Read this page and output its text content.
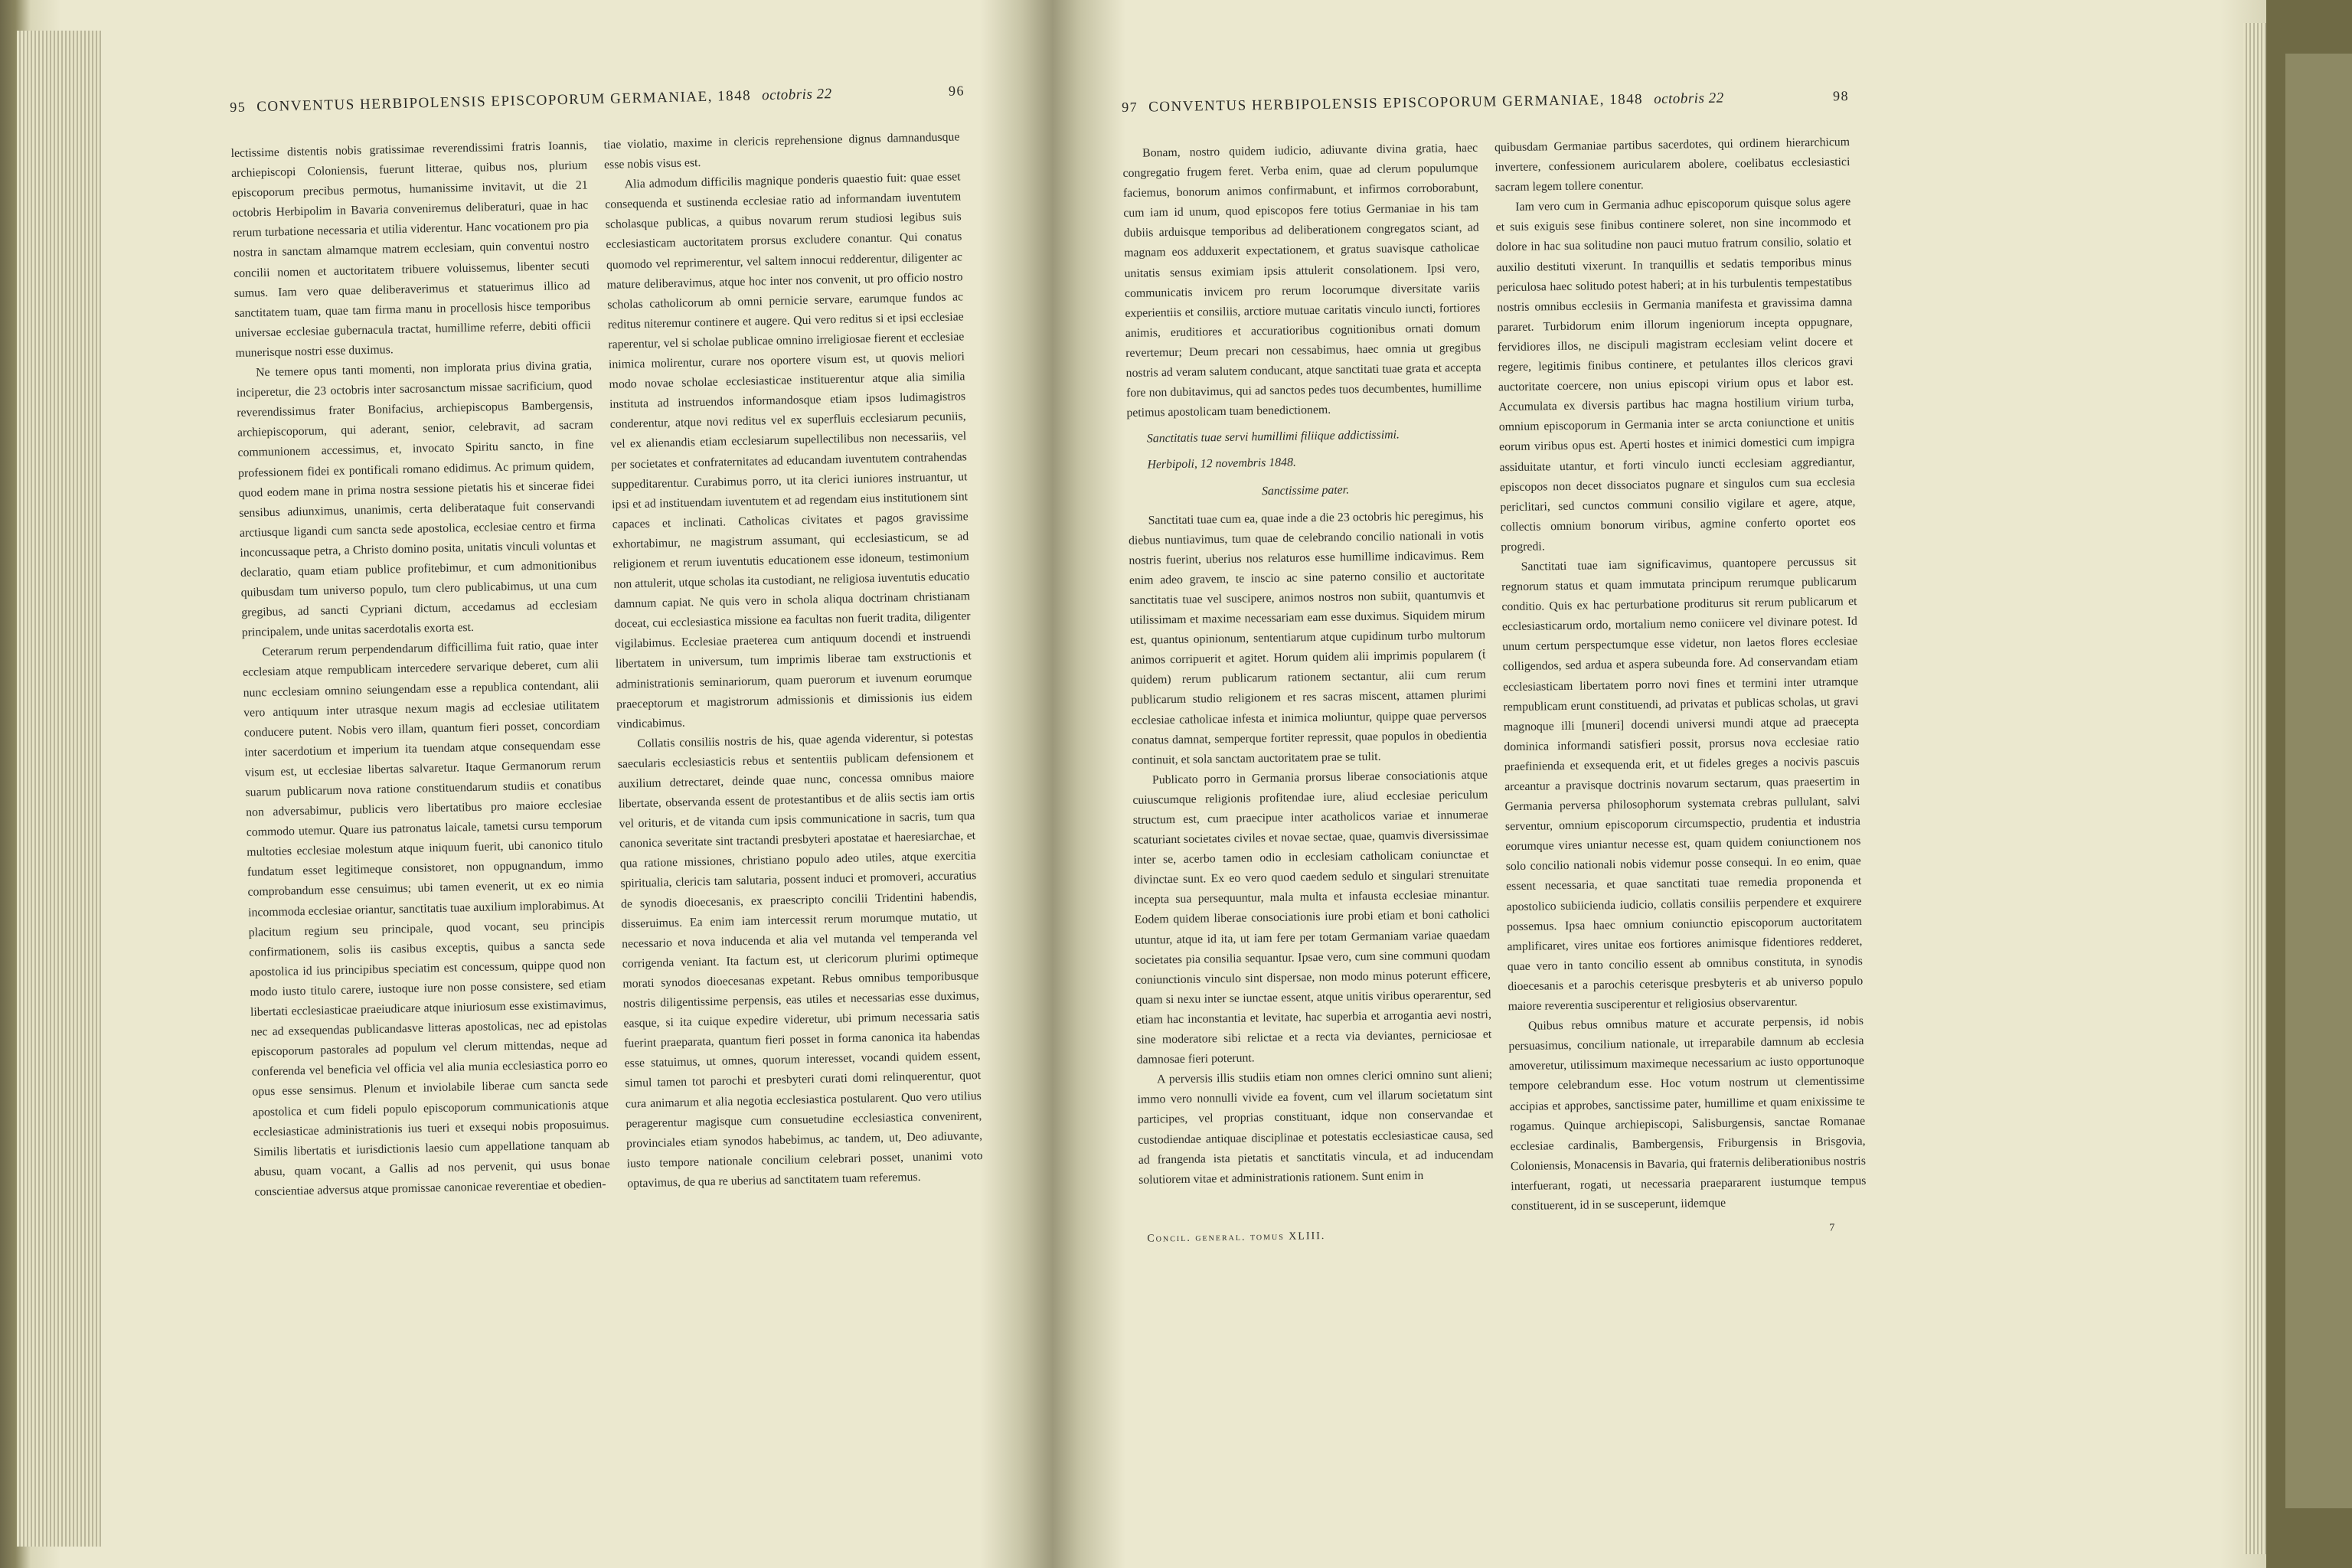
95 CONVENTUS HERBIPOLENSIS EPISCOPORUM GERMANIAE, 1848 octobris 22	96

lectissime distentis nobis gratissimae reverendissimi fratris Ioannis, archiepiscopi Coloniensis, fuerunt litterae, quibus nos, plurium episcoporum precibus permotus, humanissime invitavit, ut die 21 octobris Herbipolim in Bavaria conveniremus deliberaturi, quae in hac rerum turbatione necessaria et utilia viderentur. Hanc vocationem pro pia nostra in sanctam almamque matrem ecclesiam, quin conventui nostro concilii nomen et auctoritatem tribuere voluissemus, libenter secuti sumus. Iam vero quae deliberaverimus et statuerimus illico ad sanctitatem tuam, quae tam firma manu in procellosis hisce temporibus universae ecclesiae gubernacula tractat, humillime referre, debiti officii munerisque nostri esse duximus.

Ne temere opus tanti momenti, non implorata prius divina gratia, inciperetur, die 23 octobris inter sacrosanctum missae sacrificium, quod reverendissimus frater Bonifacius, archiepiscopus Bambergensis, archiepiscoporum, qui aderant, senior, celebravit, ad sacram communionem accessimus, et, invocato Spiritu sancto, in fine professionem fidei ex pontificali romano edidimus. Ac primum quidem, quod eodem mane in prima nostra sessione pietatis his et sincerae fidei sensibus adiunximus, unanimis, certa deliberataque fuit conservandi arctiusque ligandi cum sancta sede apostolica, ecclesiae centro et firma inconcussaque petra, a Christo domino posita, unitatis vinculi voluntas et declaratio, quam etiam publice profitebimur, et cum admonitionibus quibusdam tum universo populo, tum clero publicabimus, ut una cum gregibus, ad sancti Cypriani dictum, accedamus ad ecclesiam principalem, unde unitas sacerdotalis exorta est.

Ceterarum rerum perpendendarum difficillima fuit ratio, quae inter ecclesiam atque rempublicam intercedere servarique deberet, cum alii nunc ecclesiam omnino seiungendam esse a republica contendant, alii vero antiquum inter utrasque nexum magis ad ecclesiae utilitatem conducere putent. Nobis vero illam, quantum fieri posset, concordiam inter sacerdotium et imperium ita tuendam atque consequendam esse visum est, ut ecclesiae libertas salvaretur. Itaque Germanorum rerum suarum publicarum nova ratione constituendarum studiis et conatibus non adversabimur, publicis vero libertatibus pro maiore ecclesiae commodo utemur. Quare ius patronatus laicale, tametsi cursu temporum multoties ecclesiae molestum atque iniquum fuerit, ubi canonico titulo fundatum esset legitimeque consistoret, non oppugnandum, immo comprobandum esse censuimus; ubi tamen evenerit, ut ex eo nimia incommoda ecclesiae oriantur, sanctitatis tuae auxilium implorabimus. At placitum regium seu principale, quod vocant, seu principis confirmationem, solis iis casibus exceptis, quibus a sancta sede apostolica id ius principibus speciatim est concessum, quippe quod non modo iusto titulo carere, iustoque iure non posse consistere, sed etiam libertati ecclesiasticae praeiudicare atque iniuriosum esse existimavimus, nec ad exsequendas publicandasve litteras apostolicas, nec ad epistolas episcoporum pastorales ad populum vel clerum mittendas, neque ad conferenda vel beneficia vel officia vel alia munia ecclesiastica porro eo opus esse sensimus. Plenum et inviolabile liberae cum sancta sede apostolica et cum fideli populo episcoporum communicationis atque ecclesiasticae administrationis ius tueri et exsequi nobis proposuimus. Similis libertatis et iurisdictionis laesio cum appellatione tanquam ab abusu, quam vocant, a Gallis ad nos pervenit, qui usus bonae conscientiae adversus atque promissae canonicae reverentiae et obedien-

tiae violatio, maxime in clericis reprehensione dignus damnandusque esse nobis visus est.

Alia admodum difficilis magnique ponderis quaestio fuit: quae esset consequenda et sustinenda ecclesiae ratio ad informandam iuventutem scholasque publicas, a quibus novarum rerum studiosi legibus suis ecclesiasticam auctoritatem prorsus excludere conantur. Qui conatus quomodo vel reprimerentur, vel saltem innocui redderentur, diligenter ac mature deliberavimus, atque hoc inter nos convenit, ut pro officio nostro scholas catholicorum ab omni pernicie servare, earumque fundos ac reditus niteremur continere et augere. Qui vero reditus si et ipsi ecclesiae raperentur, vel si scholae publicae omnino irreligiosae fierent et ecclesiae inimica molirentur, curare nos oportere visum est, ut quovis meliori modo novae scholae ecclesiasticae instituerentur atque alia similia instituta ad instruendos informandosque etiam ipsos ludimagistros conderentur, atque novi reditus vel ex superfluis ecclesiarum pecuniis, vel ex alienandis etiam ecclesiarum supellectilibus non necessariis, vel per societates et confraternitates ad educandam iuventutem contrahendas suppeditarentur. Curabimus porro, ut ita clerici iuniores instruantur, ut ipsi et ad instituendam iuventutem et ad regendam eius institutionem sint capaces et inclinati. Catholicas civitates et pagos gravissime exhortabimur, ne magistrum assumant, qui ecclesiasticum, se ad religionem et rerum iuventutis educationem esse idoneum, testimonium non attulerit, utque scholas ita custodiant, ne religiosa iuventutis educatio damnum capiat. Ne quis vero in schola aliqua doctrinam christianam doceat, cui ecclesiastica missione ea facultas non fuerit tradita, diligenter vigilabimus. Ecclesiae praeterea cum antiquum docendi et instruendi libertatem in universum, tum imprimis liberae tam exstructionis et administrationis seminariorum, quam puerorum et iuvenum eorumque praeceptorum et magistrorum admissionis et dimissionis ius eidem vindicabimus.

Collatis consiliis nostris de his, quae agenda viderentur, si potestas saecularis ecclesiasticis rebus et sententiis publicam defensionem et auxilium detrectaret, deinde quae nunc, concessa omnibus maiore libertate, observanda essent de protestantibus et de aliis sectis iam ortis vel orituris, et de vitanda cum ipsis communicatione in sacris, tum qua canonica severitate sint tractandi presbyteri apostatae et haeresiarchae, et qua ratione missiones, christiano populo adeo utiles, atque exercitia spiritualia, clericis tam salutaria, possent induci et promoveri, accuratius de synodis dioecesanis, ex praescripto concilii Tridentini habendis, disseruimus. Ea enim iam intercessit rerum morumque mutatio, ut necessario et nova inducenda et alia vel mutanda vel temperanda vel corrigenda veniant. Ita factum est, ut clericorum plurimi optimeque morati synodos dioecesanas expetant. Rebus omnibus temporibusque nostris diligentissime perpensis, eas utiles et necessarias esse duximus, easque, si ita cuique expedire videretur, ubi primum necessaria satis fuerint praeparata, quantum fieri posset in forma canonica ita habendas esse statuimus, ut omnes, quorum interesset, vocandi quidem essent, simul tamen tot parochi et presbyteri curati domi relinquerentur, quot cura animarum et alia negotia ecclesiastica postularent. Quo vero utilius peragerentur magisque cum consuetudine ecclesiastica convenirent, provinciales etiam synodos habebimus, ac tandem, ut, Deo adiuvante, iusto tempore nationale concilium celebrari posset, unanimi voto optavimus, de qua re uberius ad sanctitatem tuam referemus.

97 CONVENTUS HERBIPOLENSIS EPISCOPORUM GERMANIAE, 1848 octobris 22	98

Bonam, nostro quidem iudicio, adiuvante divina gratia, haec congregatio frugem feret. Verba enim, quae ad clerum populumque faciemus, bonorum animos confirmabunt, et infirmos corroborabunt, cum iam id unum, quod episcopos fere totius Germaniae in his tam dubiis arduisque temporibus ad deliberationem congregatos sciant, ad magnam eos adduxerit expectationem, et gratus suavisque catholicae unitatis sensus eximiam ipsis attulerit consolationem. Ipsi vero, communicatis invicem pro rerum locorumque diversitate variis experientiis et consiliis, arctiore mutuae caritatis vinculo iuncti, fortiores animis, eruditiores et accuratioribus cognitionibus ornati domum revertemur; Deum precari non cessabimus, haec omnia ut gregibus nostris ad veram salutem conducant, atque sanctitati tuae grata et accepta fore non dubitavimus, qui ad sanctos pedes tuos decumbentes, humillime petimus apostolicam tuam benedictionem.

Sanctitatis tuae servi humillimi filiique addictissimi.

Herbipoli, 12 novembris 1848.

Sanctissime pater.

Sanctitati tuae cum ea, quae inde a die 23 octobris hic peregimus, his diebus nuntiavimus, tum quae de celebrando concilio nationali in votis nostris fuerint, uberius nos relaturos esse humillime indicavimus. Rem enim adeo gravem, te inscio ac sine paterno consilio et auctoritate sanctitatis tuae vel suscipere, animos nostros non subiit, quantumvis et utilissimam et maxime necessariam eam esse duximus. Siquidem mirum est, quantus opinionum, sententiarum atque cupidinum turbo multorum animos corripuerit et agitet. Horum quidem alii imprimis popularem (ṫ quidem) rerum publicarum rationem sectantur, alii cum rerum publicarum studio religionem et res sacras miscent, attamen plurimi ecclesiae catholicae infesta et inimica moliuntur, quippe quae perversos conatus damnat, semperque fortiter repressit, quae populos in obedientia continuit, et sola sanctam auctoritatem prae se tulit.

Publicato porro in Germania prorsus liberae consociationis atque cuiuscumque religionis profitendae iure, aliud ecclesiae periculum structum est, cum praecipue inter acatholicos variae et innumerae scaturiant societates civiles et novae sectae, quae, quamvis diversissimae inter se, acerbo tamen odio in ecclesiam catholicam coniunctae et divinctae sunt. Ex eo vero quod caedem sedulo et singulari strenuitate incepta sua persequuntur, mala multa et infausta ecclesiae minantur. Eodem quidem liberae consociationis iure probi etiam et boni catholici utuntur, atque id ita, ut iam fere per totam Germaniam variae quaedam societates pia consilia sequantur. Ipsae vero, cum sine communi quodam coniunctionis vinculo sint dispersae, non modo minus poterunt efficere, quam si nexu inter se iunctae essent, atque unitis viribus operarentur, sed etiam hac inconstantia et levitate, hac superbia et arrogantia aevi nostri, sine moderatore sibi relictae et a recta via deviantes, perniciosae et damnosae fieri poterunt.

A perversis illis studiis etiam non omnes clerici omnino sunt alieni; immo vero nonnulli vivide ea fovent, cum vel illarum societatum sint participes, vel proprias constituant, idque non conservandae et custodiendae antiquae disciplinae et potestatis ecclesiasticae causa, sed ad frangenda ista pietatis et sanctitatis vincula, et ad inducendam solutiorem vitae et administrationis rationem. Sunt enim in

quibusdam Germaniae partibus sacerdotes, qui ordinem hierarchicum invertere, confessionem auricularem abolere, coelibatus ecclesiastici sacram legem tollere conentur.

Iam vero cum in Germania adhuc episcoporum quisque solus agere et suis exiguis sese finibus continere soleret, non sine incommodo et dolore in hac sua solitudine non pauci mutuo fratrum consilio, solatio et auxilio destituti vixerunt. In tranquillis et sedatis temporibus minus periculosa haec solitudo potest haberi; at in his turbulentis tempestatibus nostris omnibus ecclesiis in Germania manifesta et gravissima damna pararet. Turbidorum enim illorum ingeniorum incepta oppugnare, fervidiores illos, ne discipuli magistram ecclesiam velint docere et regere, legitimis finibus continere, et petulantes illos clericos gravi auctoritate coercere, non unius episcopi virium opus et labor est. Accumulata ex diversis partibus hac magna hostilium virium turba, omnium episcoporum in Germania inter se arcta coniunctione et unitis eorum viribus opus est. Aperti hostes et inimici domestici cum impigra assiduitate utantur, et forti vinculo iuncti ecclesiam aggrediantur, episcopos non decet dissociatos pugnare et singulos cum sua ecclesia periclitari, sed cunctos communi consilio vigilare et agere, atque, collectis omnium bonorum viribus, agmine conferto oportet eos progredi.

Sanctitati tuae iam significavimus, quantopere percussus sit regnorum status et quam immutata principum rerumque publicarum conditio. Quis ex hac perturbatione proditurus sit rerum publicarum et ecclesiasticarum ordo, mortalium nemo coniicere vel divinare potest. Id unum certum perspectumque esse videtur, non laetos flores ecclesiae colligendos, sed ardua et aspera subeunda fore. Ad conservandam etiam ecclesiasticam libertatem porro novi fines et termini inter utramque rempublicam erunt constituendi, ad privatas et publicas scholas, ut gravi magnoque illi [muneri] docendi universi mundi atque ad praecepta dominica informandi satisfieri possit, prorsus nova ecclesiae ratio praefinienda et exsequenda erit, et ut fideles greges a nocivis pascuis arceantur a pravisque doctrinis novarum sectarum, quas praesertim in Germania perversa philosophorum systemata crebras pullulant, salvi serventur, omnium episcoporum circumspectio, prudentia et industria eorumque vires uniantur necesse est, quam quidem coniunctionem nos solo concilio nationali nobis videmur posse consequi. In eo enim, quae essent necessaria, et quae sanctitati tuae remedia proponenda et apostolico subiicienda iudicio, collatis consiliis perpendere et exquirere possemus. Ipsa haec omnium coniunctio episcoporum auctoritatem amplificaret, vires unitae eos fortiores animisque fidentiores redderet, quae vero in tanto concilio essent ab omnibus constituta, in synodis dioecesanis et a parochis ceterisque presbyteris et ab universo populo maiore reverentia susciperentur et religiosius observarentur.

Quibus rebus omnibus mature et accurate perpensis, id nobis persuasimus, concilium nationale, ut irreparabile damnum ab ecclesia amoveretur, utilissimum maximeque necessarium ac iusto opportunoque tempore celebrandum esse. Hoc votum nostrum ut clementissime accipias et approbes, sanctissime pater, humillime et quam enixissime te rogamus. Quinque archiepiscopi, Salisburgensis, sanctae Romanae ecclesiae cardinalis, Bambergensis, Friburgensis in Brisgovia, Coloniensis, Monacensis in Bavaria, qui fraternis deliberationibus nostris interfuerant, rogati, ut necessaria praepararent iustumque tempus constituerent, id in se susceperunt, iidemque

Concil. general. tomus XLIII.
7
